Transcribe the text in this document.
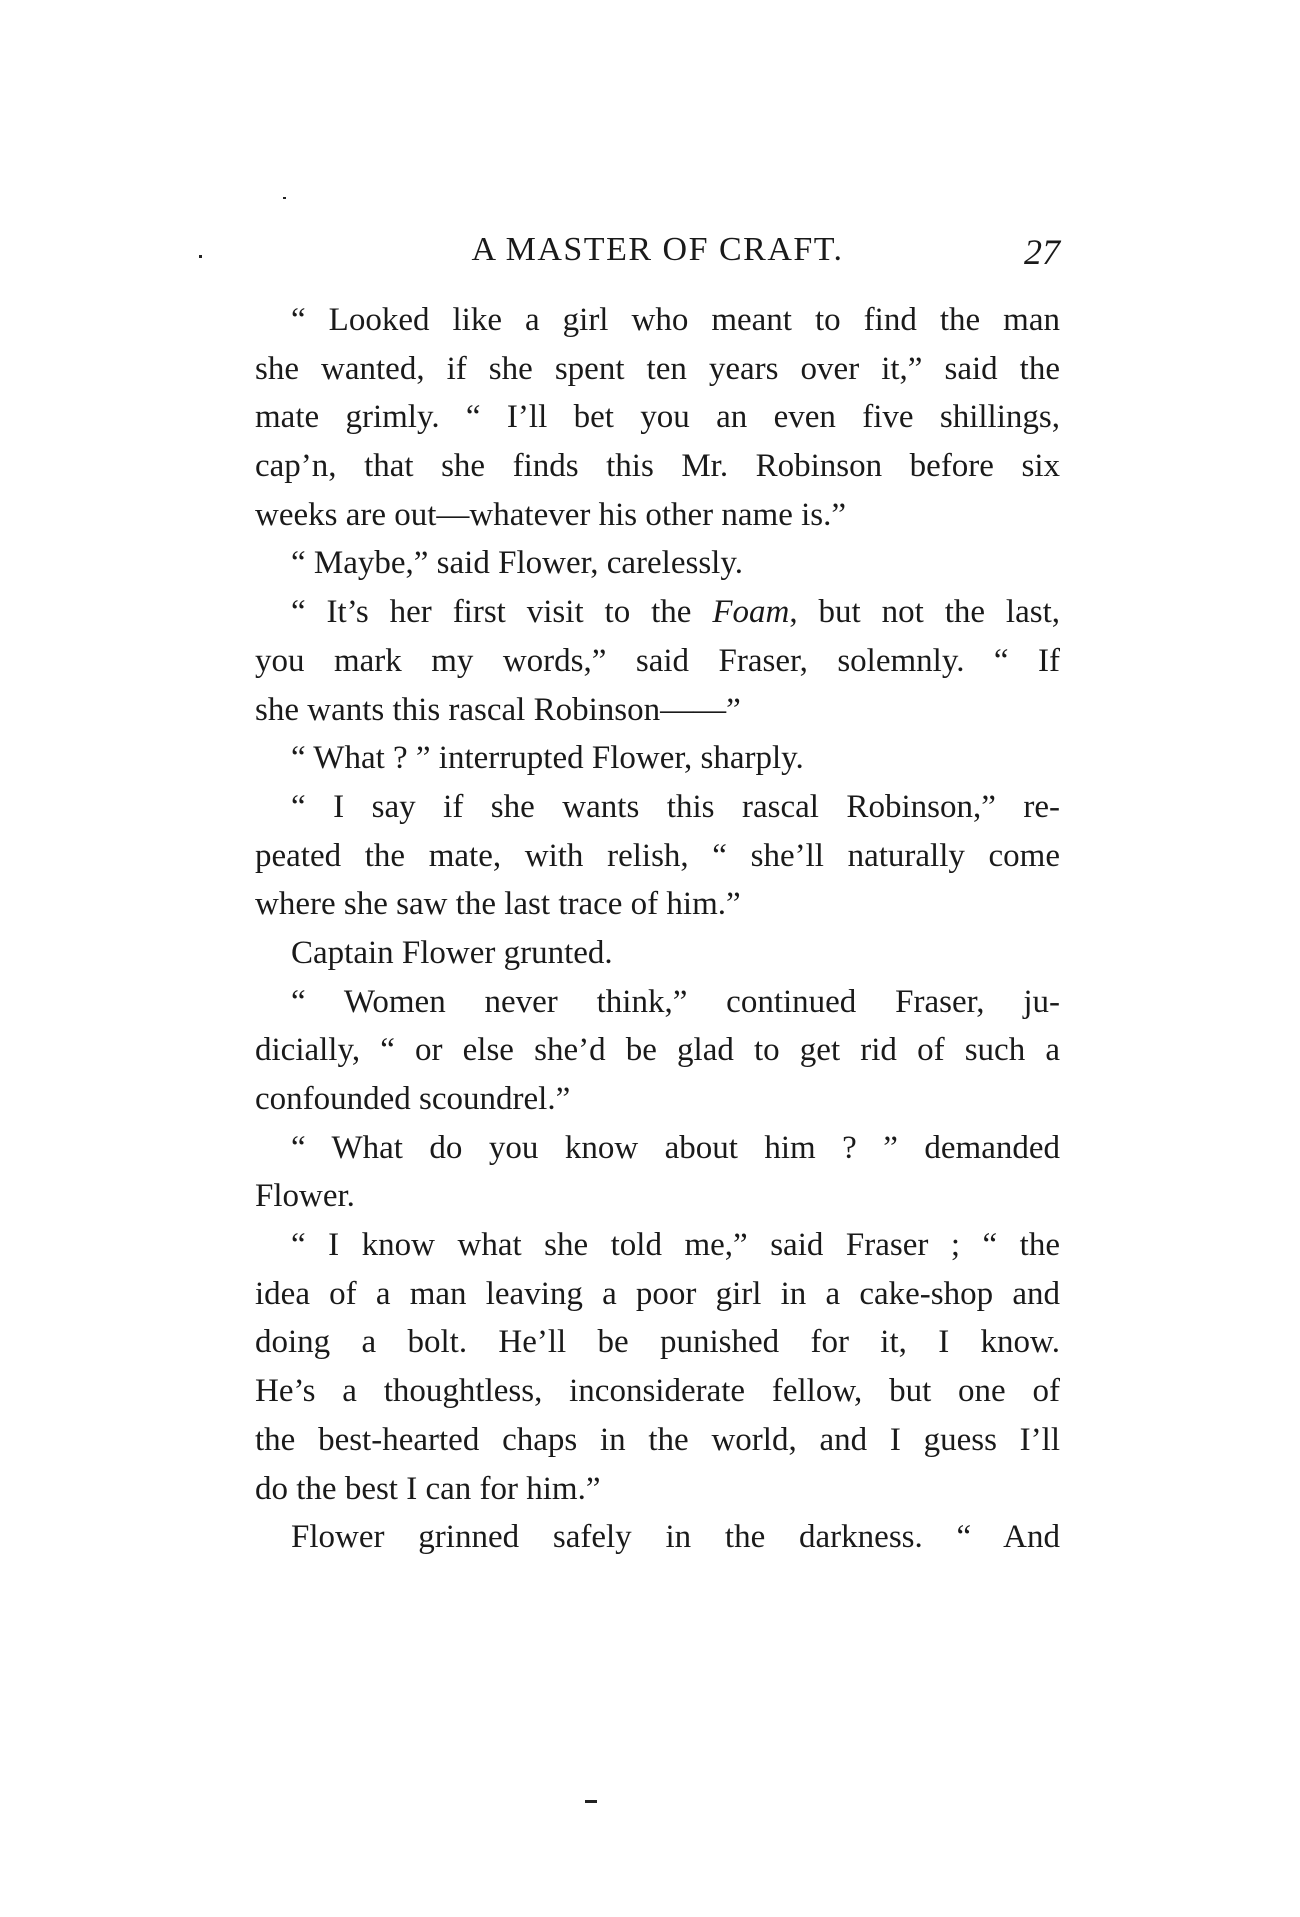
A MASTER OF CRAFT.	27
“ Looked like a girl who meant to find the man
she wanted, if she spent ten years over it,” said the
mate grimly. “ I’ll bet you an even five shillings,
cap’n, that she finds this Mr. Robinson before six
weeks are out—whatever his other name is.”
“ Maybe,” said Flower, carelessly.
“ It’s her first visit to the Foam, but not the last,
you mark my words,” said Fraser, solemnly. “ If
she wants this rascal Robinson——”
“ What ? ” interrupted Flower, sharply.
“ I say if she wants this rascal Robinson,” re-
peated the mate, with relish, “ she’ll naturally come
where she saw the last trace of him.”
Captain Flower grunted.
“ Women never think,” continued Fraser, ju-
dicially, “ or else she’d be glad to get rid of such a
confounded scoundrel.”
“ What do you know about him ? ” demanded
Flower.
“ I know what she told me,” said Fraser ; “ the
idea of a man leaving a poor girl in a cake-shop and
doing a bolt. He’ll be punished for it, I know.
He’s a thoughtless, inconsiderate fellow, but one of
the best-hearted chaps in the world, and I guess I’ll
do the best I can for him.”
Flower grinned safely in the darkness. “ And
